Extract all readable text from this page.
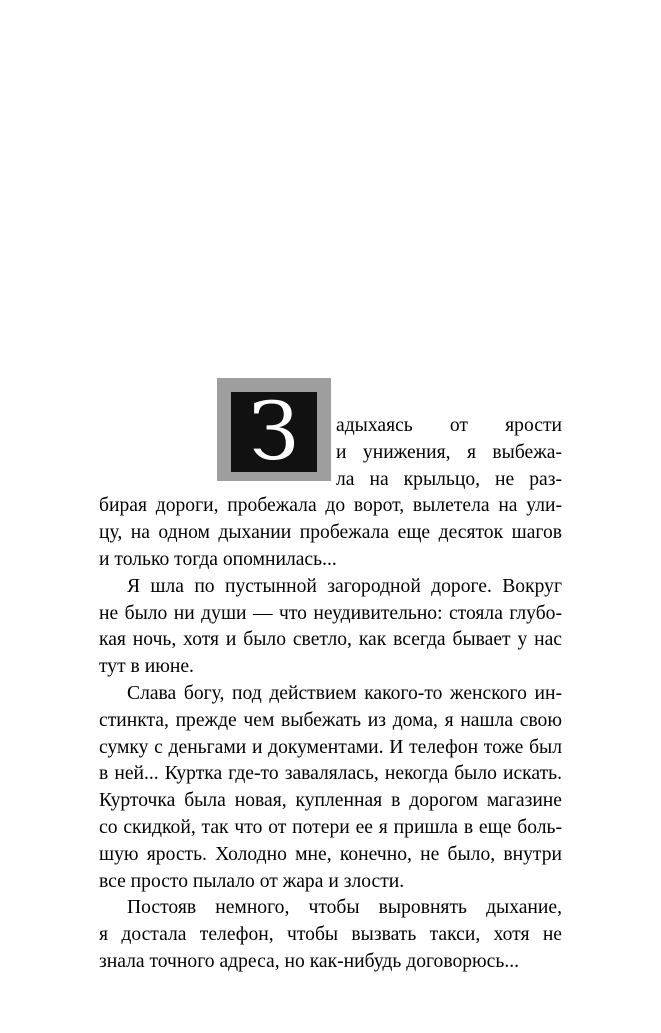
З адыхаясь от ярости
и унижения, я выбежа-
ла на крыльцо, не раз-
бирая дороги, пробежала до ворот, вылетела на ули-
цу, на одном дыхании пробежала еще десяток шагов
и только тогда опомнилась...
Я шла по пустынной загородной дороге. Вокруг
не было ни души — что неудивительно: стояла глубо-
кая ночь, хотя и было светло, как всегда бывает у нас
тут в июне.
Слава богу, под действием какого-то женского ин-
стинкта, прежде чем выбежать из дома, я нашла свою
сумку с деньгами и документами. И телефон тоже был
в ней... Куртка где-то завалялась, некогда было искать.
Курточка была новая, купленная в дорогом магазине
со скидкой, так что от потери ее я пришла в еще боль-
шую ярость. Холодно мне, конечно, не было, внутри
все просто пылало от жара и злости.
Постояв немного, чтобы выровнять дыхание,
я достала телефон, чтобы вызвать такси, хотя не
знала точного адреса, но как-нибудь договорюсь...
